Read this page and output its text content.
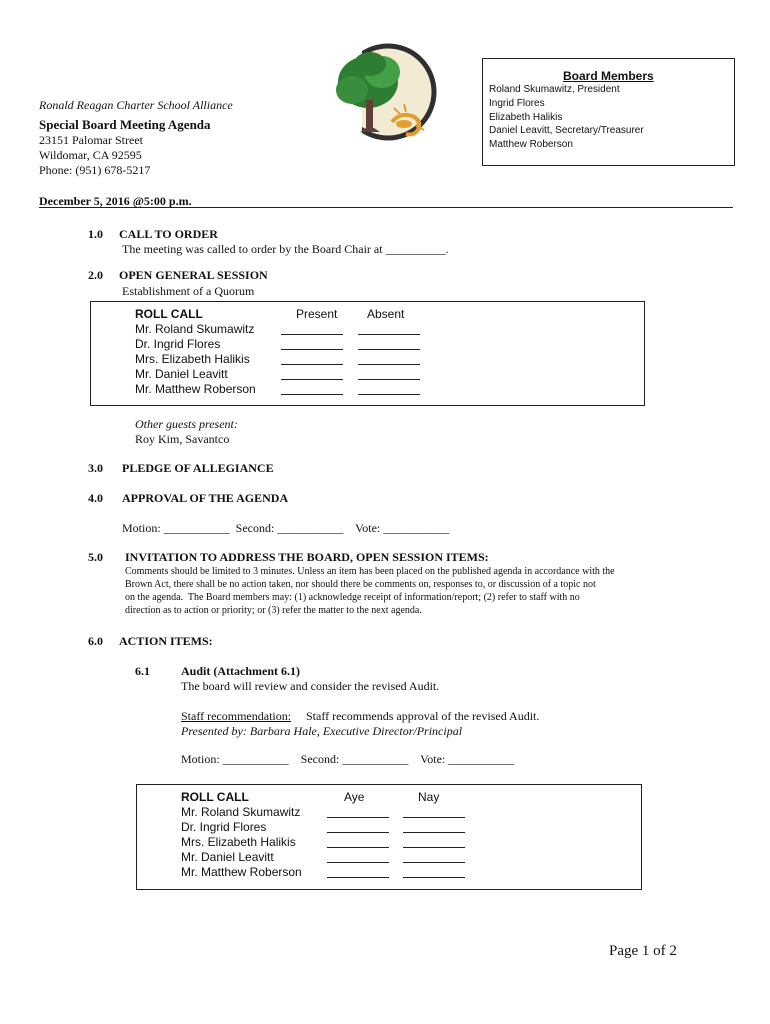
Board Members
Roland Skumawitz, President
Ingrid Flores
Elizabeth Halikis
Daniel Leavitt, Secretary/Treasurer
Matthew Roberson
Ronald Reagan Charter School Alliance
Special Board Meeting Agenda
23151 Palomar Street
Wildomar, CA 92595
Phone: (951) 678-5217
December 5, 2016 @5:00 p.m.
1.0 CALL TO ORDER
The meeting was called to order by the Board Chair at __________.
2.0 OPEN GENERAL SESSION
Establishment of a Quorum
ROLL CALL	Present Absent
Mr. Roland Skumawitz
Dr. Ingrid Flores
Mrs. Elizabeth Halikis
Mr. Daniel Leavitt
Mr. Matthew Roberson
Other guests present:
Roy Kim, Savantco
3.0 PLEDGE OF ALLEGIANCE
4.0 APPROVAL OF THE AGENDA
Motion: ___________  Second: ___________    Vote: ___________
5.0 INVITATION TO ADDRESS THE BOARD, OPEN SESSION ITEMS:
Comments should be limited to 3 minutes. Unless an item has been placed on the published agenda in accordance with the
Brown Act, there shall be no action taken, nor should there be comments on, responses to, or discussion of a topic not
on the agenda.  The Board members may: (1) acknowledge receipt of information/report; (2) refer to staff with no
direction as to action or priority; or (3) refer the matter to the next agenda.
6.0 ACTION ITEMS:
6.1	Audit (Attachment 6.1)
The board will review and consider the revised Audit.
Staff recommendation: Staff recommends approval of the revised Audit.
Presented by: Barbara Hale, Executive Director/Principal
Motion: ___________    Second: ___________    Vote: ___________
ROLL CALL	Aye	Nay
Mr. Roland Skumawitz
Dr. Ingrid Flores
Mrs. Elizabeth Halikis
Mr. Daniel Leavitt
Mr. Matthew Roberson
Page 1 of 2
